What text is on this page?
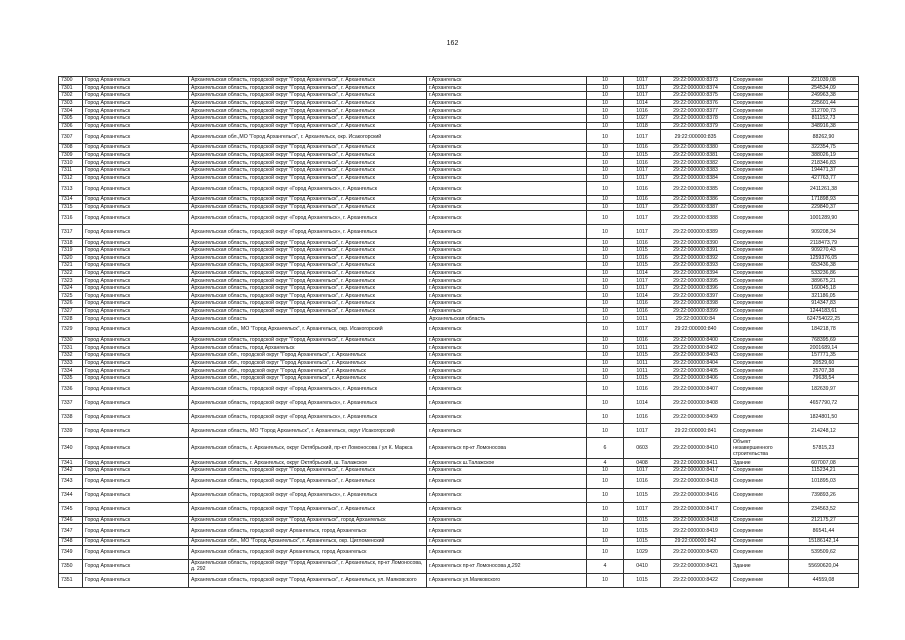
162
7300	Город Архангельск	Архангельская область, городской округ "Город Архангельск", г. Архангельск	г.Архангельск	10	1017	29:22:000000:8373	Сооружение	221039,08
7301	Город Архангельск	Архангельская область, городской округ "Город Архангельск", г. Архангельск	г.Архангельск	10	1017	29:22:000000:8374	Сооружение	254534,09
7302	Город Архангельск	Архангельская область, городской округ "Город Архангельск", г. Архангельск	г.Архангельск	10	1017	29:22:000000:8375	Сооружение	249963,38
7303	Город Архангельск	Архангельская область, городской округ "Город Архангельск", г. Архангельск	г.Архангельск	10	1014	29:22:000000:8376	Сооружение	225601,44
7304	Город Архангельск	Архангельская область, городской округ "Город Архангельск", г. Архангельск	г.Архангельск	10	1016	29:22:000000:8377	Сооружение	312700,73
7305	Город Архангельск	Архангельская область, городской округ "Город Архангельск", г. Архангельск	г.Архангельск	10	1027	29:22:000000:8378	Сооружение	811152,73
7306	Город Архангельск	Архангельская область, городской округ "Город Архангельск", г. Архангельск	г.Архангельск	10	1018	29:22:000000:8379	Сооружение	348916,38
7307	Город Архангельск	Архангельская обл.,МО "Город Архангельск", г. Архангельск, окр. Исакогорский	г.Архангельск	10	1017	29:22:000000:835	Сооружение	88262,90
7308	Город Архангельск	Архангельская область, городской округ "Город Архангельск", г. Архангельск	г.Архангельск	10	1016	29:22:000000:8380	Сооружение	322354,75
7309	Город Архангельск	Архангельская область, городской округ "Город Архангельск", г. Архангельск	г.Архангельск	10	1015	29:22:000000:8381	Сооружение	388026,19
7310	Город Архангельск	Архангельская область, городской округ "Город Архангельск", г. Архангельск	г.Архангельск	10	1016	29:22:000000:8382	Сооружение	218346,83
7311	Город Архангельск	Архангельская область, городской округ "Город Архангельск", г. Архангельск	г.Архангельск	10	1017	29:22:000000:8383	Сооружение	194471,37
7312	Город Архангельск	Архангельская область, городской округ "Город Архангельск", г. Архангельск	г.Архангельск	10	1017	29:22:000000:8384	Сооружение	427763,77
7313	Город Архангельск	Архангельская область, городской округ «Город Архангельск», г. Архангельск	г.Архангельск	10	1016	29:22:000000:8385	Сооружение	2411261,38
7314	Город Архангельск	Архангельская область, городской округ "Город Архангельск", г. Архангельск	г.Архангельск	10	1016	29:22:000000:8386	Сооружение	171898,93
7315	Город Архангельск	Архангельская область, городской округ "Город Архангельск", г. Архангельск	г.Архангельск	10	1017	29:22:000000:8387	Сооружение	229840,37
7316	Город Архангельск	Архангельская область, городской округ «Город Архангельск», г. Архангельск	г.Архангельск	10	1017	29:22:000000:8388	Сооружение	1001289,90
7317	Город Архангельск	Архангельская область, городской округ «Город Архангельск», г. Архангельск	г.Архангельск	10	1017	29:22:000000:8389	Сооружение	909208,34
7318	Город Архангельск	Архангельская область, городской округ "Город Архангельск", г. Архангельск	г.Архангельск	10	1016	29:22:000000:8390	Сооружение	2118473,79
7319	Город Архангельск	Архангельская область, городской округ "Город Архангельск", г. Архангельск	г.Архангельск	10	1015	29:22:000000:8391	Сооружение	909270,43
7320	Город Архангельск	Архангельская область, городской округ "Город Архангельск", г. Архангельск	г.Архангельск	10	1016	29:22:000000:8392	Сооружение	1259376,05
7321	Город Архангельск	Архангельская область, городской округ "Город Архангельск", г. Архангельск	г.Архангельск	10	1015	29:22:000000:8393	Сооружение	653436,38
7322	Город Архангельск	Архангельская область, городской округ "Город Архангельск", г. Архангельск	г.Архангельск	10	1014	29:22:000000:8394	Сооружение	533236,86
7323	Город Архангельск	Архангельская область, городской округ "Город Архангельск", г. Архангельск	г.Архангельск	10	1017	29:22:000000:8395	Сооружение	389675,21
7324	Город Архангельск	Архангельская область, городской округ "Город Архангельск", г. Архангельск	г.Архангельск	10	1017	29:22:000000:8396	Сооружение	160045,18
7325	Город Архангельск	Архангельская область, городской округ "Город Архангельск", г. Архангельск	г.Архангельск	10	1014	29:22:000000:8397	Сооружение	321186,05
7326	Город Архангельск	Архангельская область, городской округ "Город Архангельск", г. Архангельск	г.Архангельск	10	1016	29:22:000000:8398	Сооружение	914347,83
7327	Город Архангельск	Архангельская область, городской округ "Город Архангельск", г. Архангельск	г.Архангельск	10	1016	29:22:000000:8399	Сооружение	1244183,61
7328	Город Архангельск	Архангельская область	Архангельская область	10	1011	29:22:000000:84	Сооружение	624754022,25
7329	Город Архангельск	Архангельская обл., МО "Город Архангельск", г. Архангельск, окр. Исакогорский	г.Архангельск	10	1017	29:22:000000:840	Сооружение	184218,78
7330	Город Архангельск	Архангельская область, городской округ "Город Архангельск", г. Архангельск	г.Архангельск	10	1016	29:22:000000:8400	Сооружение	768395,69
7331	Город Архангельск	Архангельская область, город Архангельск	г.Архангельск	10	1011	29:22:000000:8402	Сооружение	2001689,14
7332	Город Архангельск	Архангельская обл., городской округ "Город Архангельск", г. Архангельск	г.Архангельск	10	1015	29:22:000000:8403	Сооружение	157771,35
7333	Город Архангельск	Архангельская обл., городской округ "Город Архангельск", г. Архангельск	г.Архангельск	10	1011	29:22:000000:8404	Сооружение	20529,60
7334	Город Архангельск	Архангельская обл., городской округ "Город Архангельск", г. Архангельск	г.Архангельск	10	1011	29:22:000000:8405	Сооружение	25707,38
7335	Город Архангельск	Архангельская обл., городской округ "Город Архангельск", г. Архангельск	г.Архангельск	10	1015	29:22:000000:8406	Сооружение	79638,54
7336	Город Архангельск	Архангельская область, городской округ «Город Архангельск», г. Архангельск	г.Архангельск	10	1016	29:22:000000:8407	Сооружение	182639,97
7337	Город Архангельск	Архангельская область, городской округ «Город Архангельск», г. Архангельск	г.Архангельск	10	1014	29:22:000000:8408	Сооружение	4657790,72
7338	Город Архангельск	Архангельская область, городской округ «Город Архангельск», г. Архангельск	г.Архангельск	10	1016	29:22:000000:8409	Сооружение	1824801,50
7339	Город Архангельск	Архангельская область, МО "Город Архангельск", г. Архангельск, округ Исакогорский	г.Архангельск	10	1017	29:22:000000:841	Сооружение	214248,12
7340	Город Архангельск	Архангельская область, г. Архангельск, округ Октябрьский, пр-кт Ломоносова / ул К. Маркса	г.Архангельск пр-кт Ломоносова	6	0603	29:22:000000:8410	Объект незавершенного строительства	57815,23
7341	Город Архангельск	Архангельская область, г. Архангельск, округ Октябрьский, ш. Талажское	г.Архангельск ш.Талажское	4	0408	29:22:000000:8411	Здание	607007,08
7342	Город Архангельск	Архангельская область, городской округ "Город Архангельск", г. Архангельск	г.Архангельск	10	1017	29:22:000000:8417	Сооружение	115234,21
7343	Город Архангельск	Архангельская область, городской округ "Город Архангельск", г. Архангельск	г.Архангельск	10	1016	29:22:000000:8418	Сооружение	101895,03
7344	Город Архангельск	Архангельская область, городской округ «Город Архангельск», г. Архангельск	г.Архангельск	10	1015	29:22:000000:8416	Сооружение	739893,26
7345	Город Архангельск	Архангельская область, городской округ "Город Архангельск", г. Архангельск	г.Архангельск	10	1017	29:22:000000:8417	Сооружение	234563,52
7346	Город Архангельск	Архангельская область, городской округ "Город Архангельск", город Архангельск	г.Архангельск	10	1015	29:22:000000:8418	Сооружение	212175,27
7347	Город Архангельск	Архангельская область, городской округ Архангельск, город Архангельск	г.Архангельск	10	1015	29:22:000000:8419	Сооружение	86541,44
7348	Город Архангельск	Архангельская обл., МО "Город Архангельск", г. Архангельск, окр. Цигломенский	г.Архангельск	10	1015	29:22:000000:842	Сооружение	15186142,14
7349	Город Архангельск	Архангельская область, городской округ Архангельск, город Архангельск	г.Архангельск	10	1029	29:22:000000:8420	Сооружение	539509,62
7350	Город Архангельск	Архангельская область, городской округ "Город Архангельск", г. Архангельск, пр-кт Ломоносова, д. 292	г.Архангельск пр-кт Ломоносова д.292	4	0410	29:22:000000:8421	Здание	55690620,04
7351	Город Архангельск	Архангельская область, городской округ "Город Архангельск", г. Архангельск, ул. Маяковского	г.Архангельск ул.Маяковского	10	1015	29:22:000000:8422	Сооружение	44559,08
